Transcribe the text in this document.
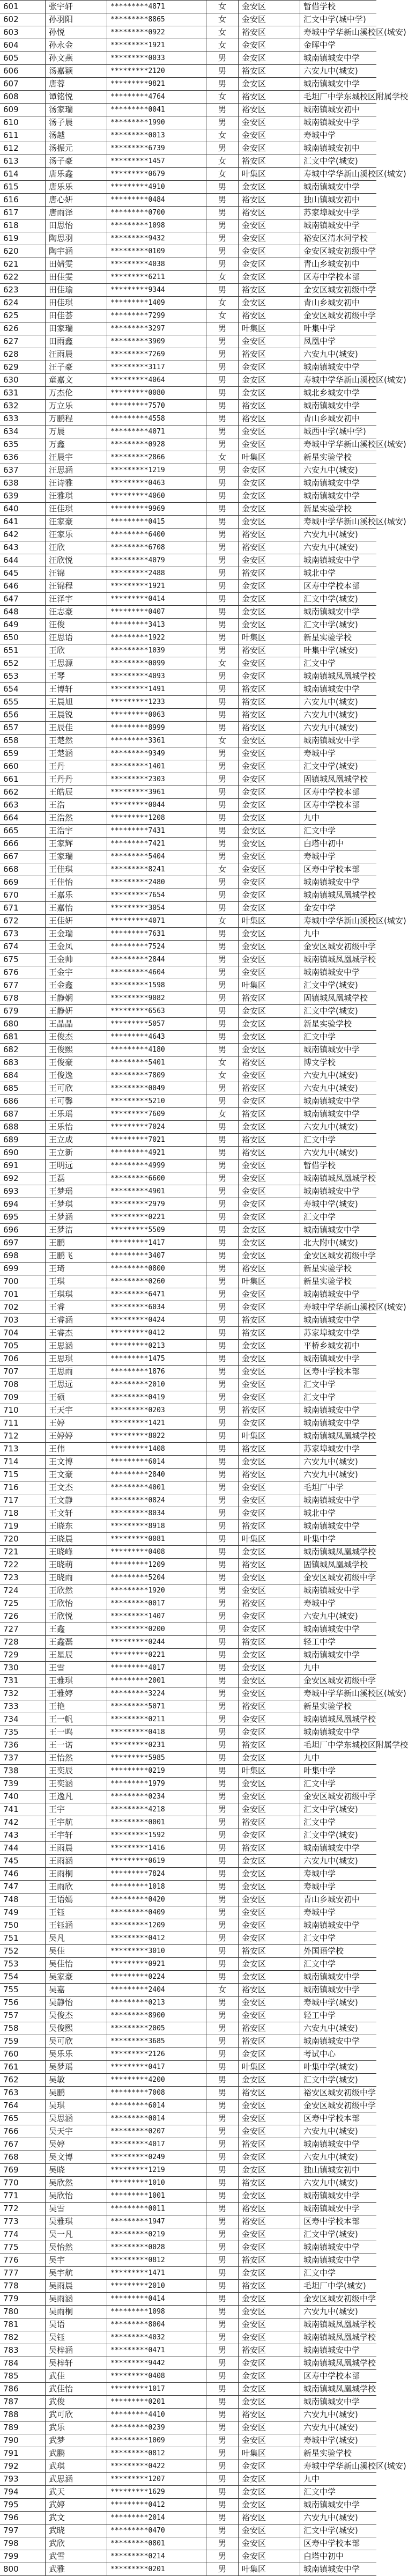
601	张宇轩	*********4871	女	金安区	暂借学校
602	孙羽阳	*********8865	女	金安区	汇文中学(城中学)
603	孙悦	*********0922	女	裕安区	寿城中学华新山溪校区(城安)
604	孙永金	*********1921	女	金安区	金晖中学
605	孙文燕	*********0033	男	金安区	城南镇城安中学
606	汤嘉颖	*********2120	男	裕安区	六安九中(城安)
607	唐蓉	*********9821	男	金安区	城南镇城安中学
608	谭铭悦	*********4764	女	裕安区	毛坦厂中学东城校区附属学校
609	汤家瑞	*********0041	男	裕安区	城南镇城安初中
610	汤子晨	*********1990	男	金安区	城南镇城安中学
611	汤越	*********0013	女	金安区	寿城中学
612	汤振元	*********6739	男	金安区	城南镇城安初中
613	汤子豪	*********1457	女	裕安区	汇文中学(城安)
614	唐乐鑫	*********0679	女	叶集区	寿城中学华新山溪校区(城安)
615	唐乐乐	*********4910	男	金安区	城南镇城安中学
616	唐心妍	*********0484	男	裕安区	独山镇城安初中
617	唐雨泽	*********0700	男	裕安区	苏家埠城安中学
618	田思怡	*********1098	男	金安区	城南镇城安中学
619	陶思羽	*********9432	男	金安区	裕安区清水河学校
620	陶宇涵	*********0109	男	金安区	金安区城安初级中学
621	田婧雯	*********4038	男	金安区	青山乡城安初中
622	田佳雯	*********6211	女	金安区	区寿中学校本部
623	田佳瑜	*********9344	男	裕安区	金安区城安初级中学
624	田佳琪	*********1409	女	金安区	青山乡城安初中
625	田佳荟	*********7299	女	裕安区	金安区城安初级中学
626	田家瑞	*********3297	男	叶集区	叶集中学
627	田雨鑫	*********3909	男	金安区	凤凰中学
628	汪雨晨	*********7269	男	裕安区	六安九中(城安)
629	汪子豪	*********3117	男	金安区	城南镇城安中学
630	童嘉文	*********4064	男	金安区	寿城中学华新山溪校区(城安)
631	万杰伦	*********0080	男	金安区	城北乡城安中学
632	万立乐	*********7570	男	裕安区	城南镇城安中学
633	万鹏程	*********4558	男	裕安区	青山乡城安初中
634	万晨	*********4071	男	金安区	城西中学(城中学)
635	万鑫	*********0928	男	金安区	寿城中学华新山溪校区(城安)
636	汪晨宇	*********2866	女	叶集区	新星实验学校
637	汪思涵	*********1219	男	金安区	六安九中(城安)
638	汪诗雅	*********0463	男	金安区	城南镇城安中学
639	汪雅琪	*********4060	男	金安区	城南镇城安中学
640	汪佳琪	*********9969	男	金安区	新星实验学校
641	汪家豪	*********0415	男	金安区	寿城中学华新山溪校区(城安)
642	汪家乐	*********6400	男	裕安区	六安九中(城安)
643	汪欣	*********6708	男	裕安区	六安九中(城安)
644	汪欣悦	*********4079	男	金安区	城南镇城安中学
645	汪锦	*********2488	男	裕安区	城北中学
646	汪锦程	*********1921	男	金安区	区寿中学校本部
647	汪泽宇	*********0414	男	金安区	汇文中学(城安)
648	汪志豪	*********0407	男	金安区	城南镇城安中学
649	汪俊	*********3413	男	金安区	汇文中学(城安)
650	汪思语	*********1922	男	叶集区	新星实验学校
651	王欣	*********1039	男	裕安区	叶集中学(城安)
652	王思源	*********0099	女	金安区	汇文中学
653	王琴	*********4093	男	金安区	城南镇城凤凰城学校
654	王博轩	*********1491	男	裕安区	城南镇城安中学
655	王晨旭	*********1233	男	裕安区	六安九中(城安)
656	王晨锐	*********0063	男	裕安区	六安九中(城安)
657	王辰佳	*********8999	男	裕安区	六安九中(城安)
658	王楚然	*********3361	女	金安区	城南镇城安中学
659	王楚涵	*********9349	男	金安区	寿城中学
660	王丹	*********1401	男	金安区	汇文中学(城安)
661	王丹丹	*********2303	男	金安区	固镇城凤凰城学校
662	王皓辰	*********3961	男	金安区	区寿中学校本部
663	王浩	*********0044	男	金安区	区寿中学校本部
664	王浩然	*********1208	男	金安区	九中
665	王浩宇	*********7431	男	金安区	汇文中学
666	王家辉	*********7421	男	金安区	白塔中初中
667	王家瑞	*********5404	男	金安区	寿城中学
668	王佳琪	*********8241	女	金安区	区寿中学校本部
669	王佳怡	*********2480	男	金安区	城南镇城安中学
670	王嘉乐	*********7654	男	金安区	城南镇城凤凰城学校
671	王嘉怡	*********3054	男	金安区	金安中学
672	王佳妍	*********4071	女	叶集区	寿城中学华新山溪校区(城安)
673	王金瑞	*********7631	男	金安区	九中
674	王金凤	*********7524	男	金安区	金安区城安初级中学
675	王金帅	*********2844	男	金安区	城南镇城凤凰城学校
676	王金宇	*********4604	男	金安区	城南镇城安中学
677	王金鑫	*********1598	男	叶集区	汇文中学(城安)
678	王静娴	*********9082	男	裕安区	固镇城凤凰城学校
679	王静妍	*********6563	男	金安区	汇文中学(城安)
680	王晶晶	*********5057	男	金安区	新星实验学校
681	王俊杰	*********4643	男	金安区	汇文中学
682	王俊熙	*********4180	男	金安区	城南镇城安中学
683	王俊豪	*********5401	女	裕安区	博文学校
684	王俊逸	*********7809	女	金安区	六安九中(城安)
685	王可欣	*********0049	男	裕安区	六安九中(城安)
686	王可馨	*********5210	男	金安区	城南镇城安中学
687	王乐瑶	*********7609	女	裕安区	城南镇城安中学
688	王乐怡	*********7024	男	金安区	六安九中(城安)
689	王立成	*********7021	男	裕安区	汇文中学
690	王立新	*********4921	男	裕安区	六安九中(城安)
691	王明远	*********4999	男	金安区	暂借学校
692	王磊	*********6600	男	金安区	城南镇城凤凰城学校
693	王梦瑶	*********4901	男	金安区	城南镇城安中学
694	王梦琪	*********2979	男	金安区	寿城中学(城安)
695	王梦涵	*********0221	男	金安区	汇文中学
696	王梦洁	*********5509	男	金安区	城南镇城安中学
697	王鹏	*********1417	男	金安区	北大附中(城安)
698	王鹏飞	*********3407	男	金安区	金安区城安初级中学
699	王琦	*********0800	男	裕安区	新星实验学校
700	王琪	*********0260	男	叶集区	新星实验学校
701	王琪琪	*********6471	男	金安区	城南镇城安中学
702	王睿	*********6034	男	金安区	寿城中学华新山溪校区(城安)
703	王睿涵	*********0424	男	裕安区	城南镇城安中学
704	王睿杰	*********0412	男	裕安区	苏家埠城安中学
705	王思涵	*********0213	男	金安区	平桥乡城安初中
706	王思琪	*********1475	男	金安区	城南镇城安中学
707	王思雨	*********1876	男	金安区	区寿中学校本部
708	王思远	*********2010	男	金安区	汇文中学
709	王硕	*********0419	男	金安区	汇文中学
710	王天宇	*********0203	男	裕安区	城南镇城安中学
711	王婷	*********1421	男	金安区	城南镇城安中学
712	王婷婷	*********8022	男	叶集区	城南镇城凤凰城学校
713	王伟	*********1408	男	裕安区	苏家埠城安中学
714	王文博	*********6014	男	金安区	六安九中(城安)
715	王文豪	*********2840	男	裕安区	六安九中(城安)
716	王文杰	*********4001	男	金安区	毛坦厂中学
717	王文静	*********0824	男	金安区	城南镇城安中学
718	王文轩	*********8034	男	金安区	城北中学
719	王晓东	*********8918	男	裕安区	城南镇城安中学
720	王晓晨	*********0081	男	叶集区	叶集中学
721	王晓峰	*********0408	男	金安区	城南镇城凤凰城学校
722	王晓萌	*********1209	男	裕安区	固镇城凤凰城学校
723	王晓雨	*********5204	男	金安区	金安区城安初级中学
724	王欣然	*********1920	男	金安区	城南镇城安中学
725	王欣怡	*********0017	男	裕安区	寿城中学
726	王欣悦	*********1407	男	金安区	六安九中(城安)
727	王鑫	*********0200	男	金安区	城南镇城安中学
728	王鑫磊	*********0244	男	裕安区	轻工中学
729	王星辰	*********0221	男	金安区	城南镇城安中学
730	王雪	*********4017	男	金安区	九中
731	王雅琪	*********2001	男	金安区	金安区城安初级中学
732	王雅婷	*********3224	男	金安区	寿城中学华新山溪校区(城安)
733	王艳	*********5071	男	裕安区	新星实验学校
734	王一帆	*********0211	男	金安区	城南镇城凤凰城学校
735	王一鸣	*********0418	男	金安区	城南镇城安中学
736	王一诺	*********0231	男	裕安区	毛坦厂中学东城校区附属学校
737	王怡然	*********5985	男	金安区	九中
738	王奕辰	*********0219	男	叶集区	叶集中学
739	王奕涵	*********1979	男	金安区	汇文中学
740	王逸凡	*********0234	男	金安区	金安区城安初级中学
741	王宇	*********4218	男	金安区	汇文中学(城安)
742	王宇航	*********0001	男	裕安区	汇文中学
743	王宇轩	*********1592	男	金安区	汇文中学(城安)
744	王雨晨	*********1416	男	裕安区	城南镇城安中学
745	王雨涵	*********0619	男	金安区	六安九中(城安)
746	王雨桐	*********7824	男	金安区	寿城中学
747	王雨欣	*********1018	男	金安区	寿城中学
748	王语嫣	*********0420	男	金安区	青山乡城安初中
749	王钰	*********0409	男	金安区	寿城中学
750	王钰涵	*********1209	男	金安区	城南镇城安中学
751	吴凡	*********0412	男	金安区	汇文中学
752	吴佳	*********3010	男	裕安区	外国语学校
753	吴佳怡	*********0921	男	金安区	汇文中学
754	吴家豪	*********0224	男	金安区	城南镇城安中学
755	吴嘉	*********2404	女	裕安区	城南镇城安中学
756	吴静怡	*********0213	男	金安区	寿城中学(城安)
757	吴俊杰	*********8900	男	金安区	轻工中学
758	吴俊熙	*********2005	男	裕安区	六安九中(城安)
759	吴可欣	*********3685	男	裕安区	城南镇城安中学
760	吴乐乐	*********2126	男	金安区	考试中心
761	吴梦瑶	*********0417	男	叶集区	叶集中学(城安)
762	吴敏	*********4200	男	金安区	汇文中学(城安)
763	吴鹏	*********7008	男	裕安区	裕安区城安初级中学
764	吴琪	*********6014	男	金安区	金安区城安初级中学
765	吴思涵	*********0014	男	金安区	区寿中学校本部
766	吴天宇	*********0207	男	金安区	六安九中(城安)
767	吴婷	*********4017	男	裕安区	城南镇城安中学
768	吴文博	*********0249	男	金安区	六安九中(城安)
769	吴晓	*********1219	男	金安区	独山镇城安初中
770	吴欣然	*********1010	男	裕安区	六安九中(城安)
771	吴欣怡	*********1001	男	金安区	城南镇城安中学
772	吴雪	*********0011	男	裕安区	城南镇城安中学
773	吴雅琪	*********1947	男	裕安区	区寿中学校本部
774	吴一凡	*********0219	男	金安区	汇文中学(城安)
775	吴怡然	*********0028	男	金安区	城南镇城安中学
776	吴宇	*********0812	男	裕安区	城南镇城安中学
777	吴宇航	*********1471	男	金安区	汇文中学
778	吴雨晨	*********2010	男	裕安区	毛坦厂中学(城安)
779	吴雨涵	*********0414	男	金安区	金安区城安初级中学
780	吴雨桐	*********1098	男	金安区	六安九中(城安)
781	吴语	*********8004	男	金安区	城南镇城凤凰城学校
782	吴钰	*********4032	男	金安区	城南镇城凤凰城学校
783	吴梓涵	*********0471	男	裕安区	城南镇城安中学
784	吴梓轩	*********9442	男	金安区	城南镇城凤凰城学校
785	武佳	*********0408	男	金安区	区寿中学校本部
786	武佳怡	*********1017	男	金安区	城南镇城凤凰城学校
787	武俊	*********0201	男	金安区	城南镇城安中学
788	武可欣	*********4410	男	裕安区	六安九中(城安)
789	武乐	*********0239	男	金安区	六安九中(城安)
790	武梦	*********1009	男	金安区	寿城中学(城安)
791	武鹏	*********0812	男	叶集区	新星实验学校
792	武琪	*********0422	男	金安区	寿城中学华新山溪校区(城安)
793	武思涵	*********1207	男	金安区	九中
794	武天	*********1629	男	金安区	汇文中学
795	武婷	*********0412	男	金安区	城南镇城安中学
796	武文	*********2014	男	裕安区	六安九中(城安)
797	武晓	*********0470	男	金安区	汇文中学(城安)
798	武欣	*********0801	男	金安区	区寿中学校本部
799	武雪	*********0214	男	金安区	白塔中初中
800	武雅	*********0201	男	叶集区	城南镇城安中学
